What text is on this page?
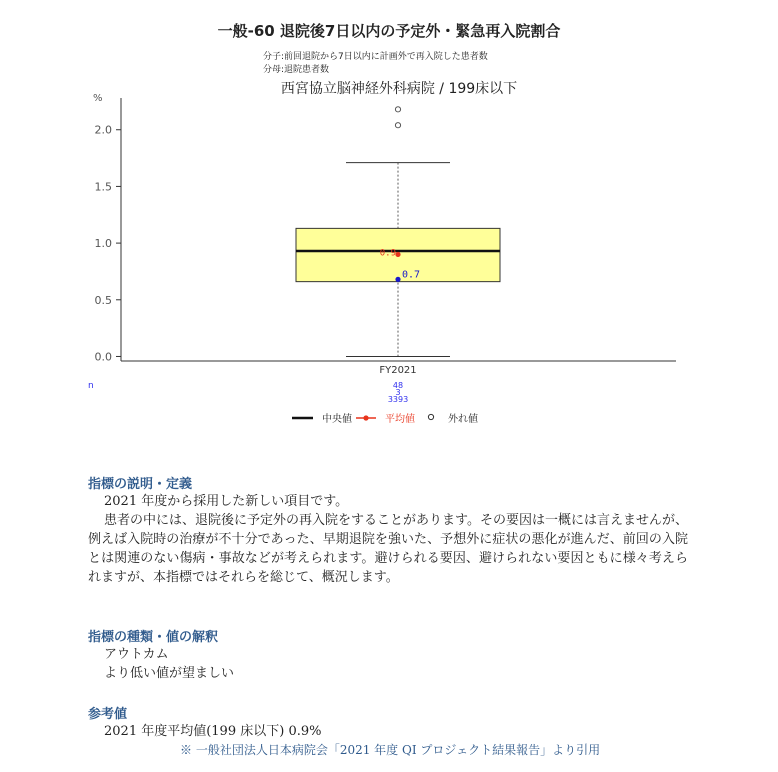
一般-60 退院後7日以内の予定外・緊急再入院割合
分子:前回退院から7日以内に計画外で再入院した患者数
分母:退院患者数
西宮協立脳神経外科病院 / 199床以下
%
0.0
0.5
1.0
1.5
2.0
0.9
0.7
FY2021
n	48
3
3393
中央値	平均値	外れ値
指標の説明・定義
2021 年度から採用した新しい項目です。
患者の中には、退院後に予定外の再入院をすることがあります。その要因は一概には言えませんが、例えば入院時の治療が不十分であった、早期退院を強いた、予想外に症状の悪化が進んだ、前回の入院とは関連のない傷病・事故などが考えられます。避けられる要因、避けられない要因ともに様々考えられますが、本指標ではそれらを総じて、概況します。
指標の種類・値の解釈
アウトカム
より低い値が望ましい
参考値
2021 年度平均値(199 床以下) 0.9%
※ 一般社団法人日本病院会「2021 年度 QI プロジェクト結果報告」より引用
